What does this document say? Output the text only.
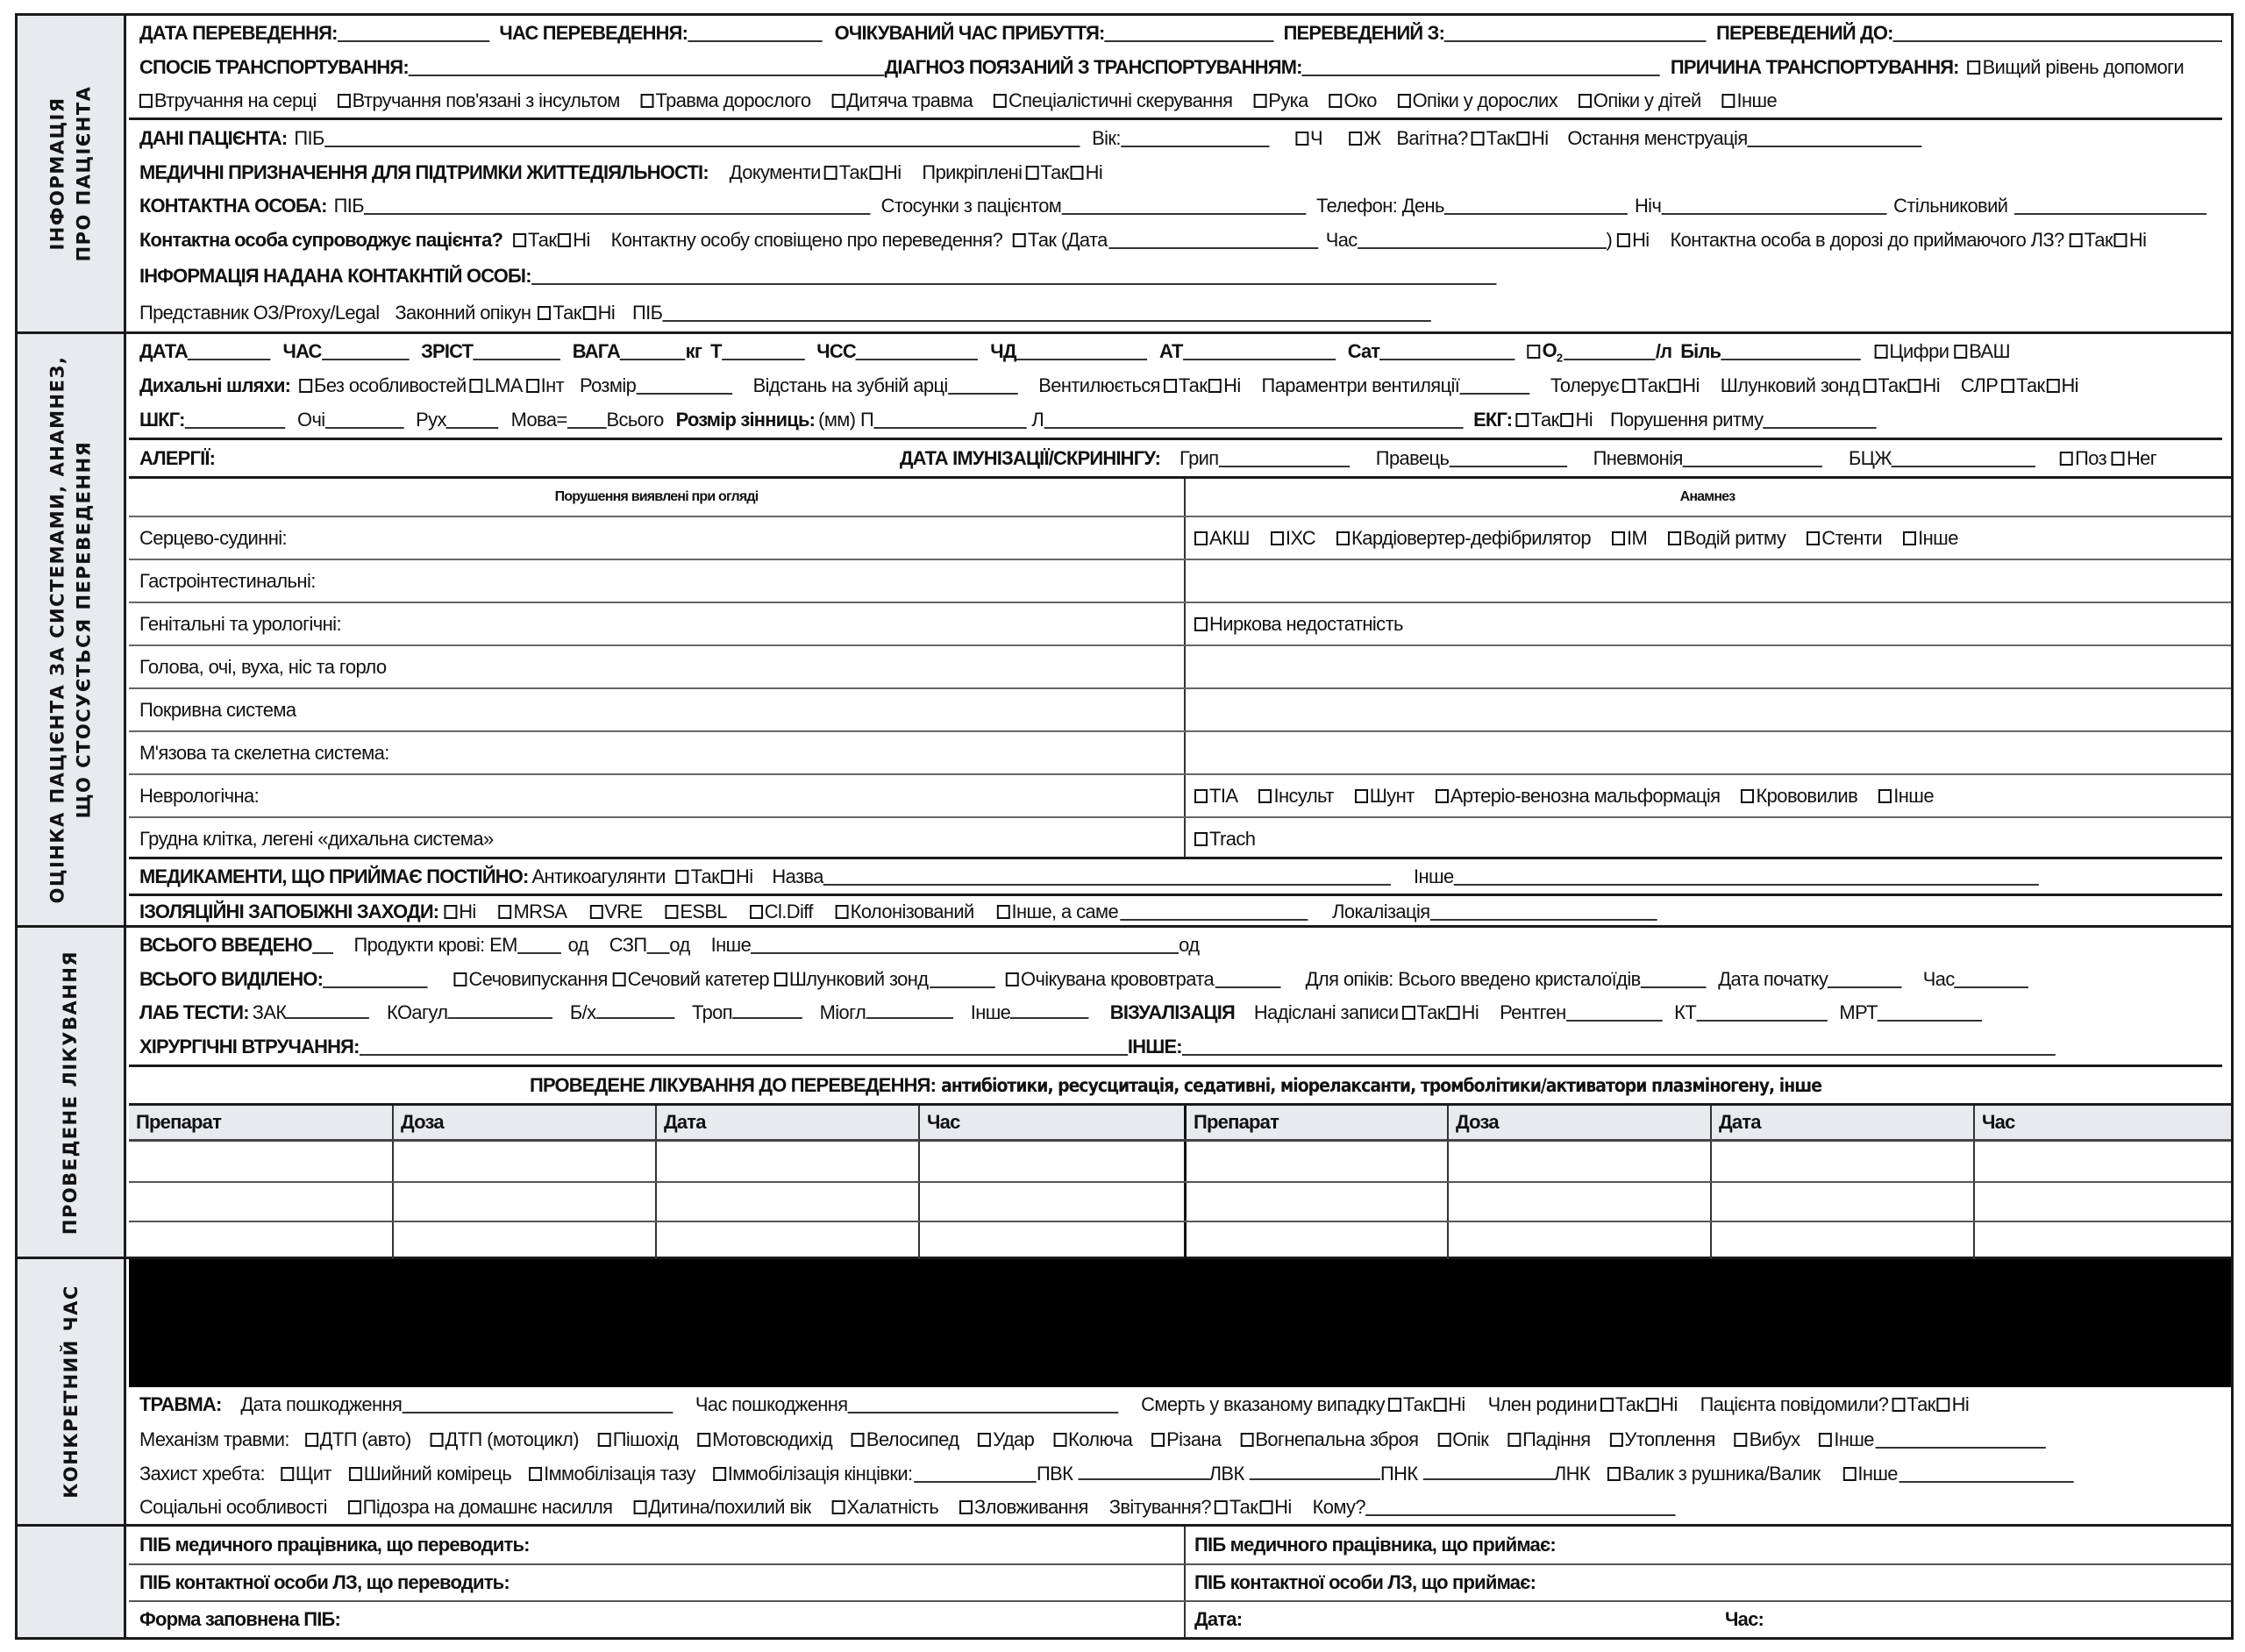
ІНФОРМАЦІЯ ПРО ПАЦІЄНТА
ДАТА ПЕРЕВЕДЕННЯ:	ЧАС ПЕРЕВЕДЕННЯ:	ОЧІКУВАНИЙ ЧАС ПРИБУТТЯ:	ПЕРЕВЕДЕНИЙ З:	ПЕРЕВЕДЕНИЙ ДО:
СПОСІБ ТРАНСПОРТУВАННЯ:	ДІАГНОЗ ПОЯЗАНИЙ З ТРАНСПОРТУВАННЯМ:	ПРИЧИНА ТРАНСПОРТУВАННЯ: Вищий рівень допомоги
Втручання на серці Втручання пов'язані з інсультом Травма дорослого Дитяча травма Спеціалістичні скерування Рука Око Опіки у дорослих Опіки у дітей Інше
ДАНІ ПАЦІЄНТА: ПІБ	Вік:	Ч Ж Вагітна? Так Ні Остання менструація
МЕДИЧНІ ПРИЗНАЧЕННЯ ДЛЯ ПІДТРИМКИ ЖИТТЕДІЯЛЬНОСТІ: Документи Так Ні Прикріплені Так Ні
КОНТАКТНА ОСОБА: ПІБ	Стосунки з пацієнтом	Телефон: День	Ніч	Стільниковий
Контактна особа супроводжує пацієнта? Так Ні Контактну особу сповіщено про переведення? Так (Дата	Час	) Ні Контактна особа в дорозі до приймаючого ЛЗ? Так Ні
ІНФОРМАЦІЯ НАДАНА КОНТАКНТІЙ ОСОБІ:
Представник ОЗ/Proxy/Legal Законний опікун Так Ні ПІБ
ОЦІНКА ПАЦІЄНТА ЗА СИСТЕМАМИ, АНАМНЕЗ, ЩО СТОСУЄТЬСЯ ПЕРЕВЕДЕННЯ
ДАТА	ЧАС	ЗРІСТ	ВАГА	кг Т	ЧСС	ЧД	АТ	Сат	$O_2$	/л Біль	Цифри ВАШ
Дихальні шляхи: Без особливостей LMA Інт Розмір	Відстань на зубній арці	Вентилюється Так Ні Параментри вентиляції	Толерує Так Ні Шлунковий зонд Так Ні СЛР Так Ні
ШКГ:	Очі	Рух	Мова= Всього Розмір зінниць: (мм) П	Л	ЕКГ: Так Ні Порушення ритму
АЛЕРГІЇ:	ДАТА ІМУНІЗАЦІЇ/СКРИНІНГУ: Грип	Правець	Пневмонія	БЦЖ	Поз Нег
Порушення виявлені при огляді	Анамнез
Серцево-судинні:	АКШ ІХС Кардіовертер-дефібрилятор ІМ Водій ритму Стенти Інше
Гастроінтестинальні:
Генітальні та урологічні:	Ниркова недостатність
Голова, очі, вуха, ніс та горло
Покривна система
М'язова та скелетна система:
Неврологічна:	TIA Інсульт Шунт Артеріо-венозна мальформація Крововилив Інше
Грудна клітка, легені «дихальна система»	Trach
МЕДИКАМЕНТИ, ЩО ПРИЙМАЄ ПОСТІЙНО: Антикоагулянти Так Ні Назва	Інше
ІЗОЛЯЦІЙНІ ЗАПОБІЖНІ ЗАХОДИ: Ні MRSA VRE ESBL Cl.Diff Колонізований Інше, а саме	Локалізація
ПРОВЕДЕНЕ ЛІКУВАННЯ
ВСЬОГО ВВЕДЕНО Продукти крові: ЕМ	од СЗП од Інше	од
ВСЬОГО ВИДІЛЕНО:	Сечовипускання Сечовий катетер Шлунковий зонд	Очікувана крововтрата	Для опіків: Всього введено кристалоїдів	Дата початку	Час
ЛАБ ТЕСТИ: ЗАК	КОагул	Б/х	Троп	Міогл	Інше	ВІЗУАЛІЗАЦІЯ Надіслані записи Так Ні Рентген	КТ	МРТ
ХІРУРГІЧНІ ВТРУЧАННЯ:	ІНШЕ:
ПРОВЕДЕНЕ ЛІКУВАННЯ ДО ПЕРЕВЕДЕННЯ: антибіотики, ресусцитація, седативні, міорелаксанти, тромболітики/активатори плазміногену, інше
Препарат	Доза	Дата	Час	Препарат	Доза	Дата	Час
КОНКРЕТНИЙ ЧАС	ТРАВМА: Дата пошкодження	Час пошкодження	Смерть у вказаному випадку Так Ні Член родини Так Ні Пацієнта повідомили? Так Ні
Механізм травми: ДТП (авто) ДТП (мотоцикл) Пішохід Мотовсюдихід Велосипед Удар Колюча Різана Вогнепальна зброя Опік Падіння Утоплення Вибух Інше
Захист хребта: Щит Шийний комірець Іммобілізація тазу Іммобілізація кінцівки:	ПВК	ЛВК	ПНК	ЛНК Валик з рушника/Валик Інше
Соціальні особливості Підозра на домашнє насилля Дитина/похилий вік Халатність Зловживання Звітування? Так Ні Кому?
ПІБ медичного працівника, що переводить:	ПІБ медичного працівника, що приймає:
ПІБ контактної особи ЛЗ, що переводить:	ПІБ контактної особи ЛЗ, що приймає:
Форма заповнена ПІБ:	Дата:	Час:
